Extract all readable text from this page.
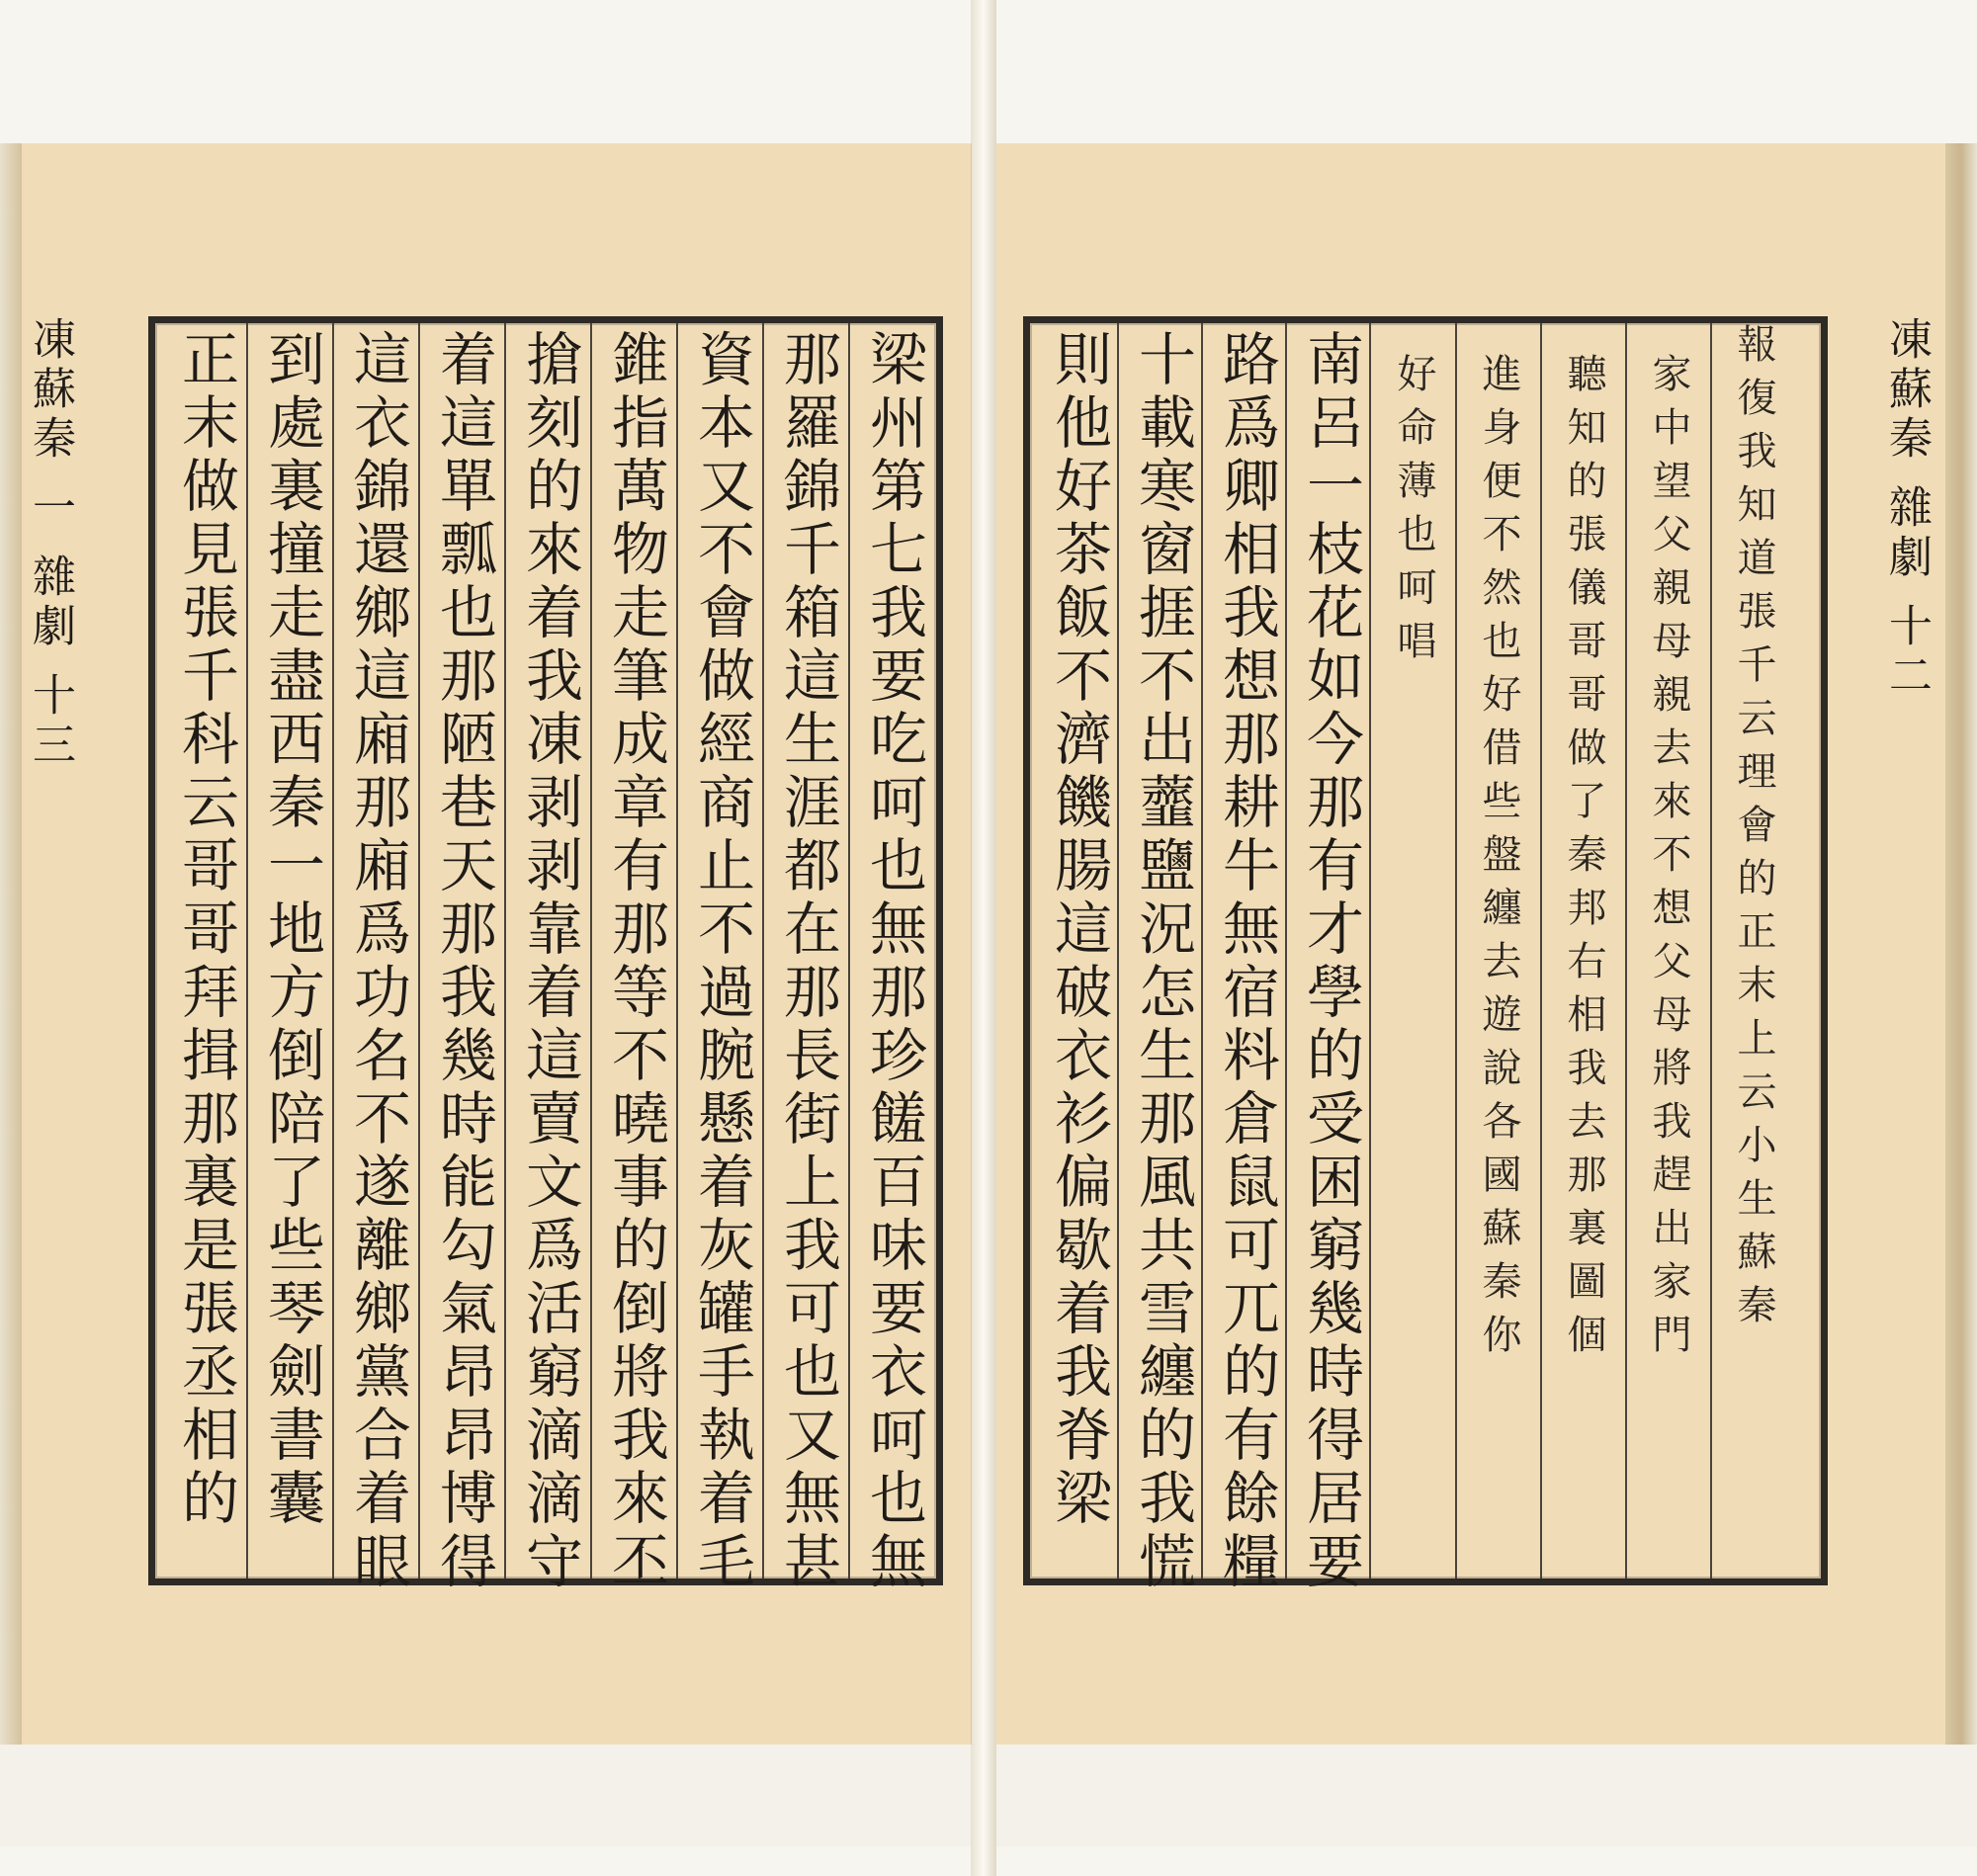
正末做見張千科云哥哥拜揖那裏是張丞相的 到處裏撞走盡西秦一地方倒陪了些琴劍書囊 這衣錦還鄉這廂那廂爲功名不遂離鄉黨合着眼 着這單瓢也那陋巷天那我幾時能勾氣昂昂博得 搶刻的來着我凍剥剥靠着這賣文爲活窮滴滴守 錐指萬物走筆成章有那等不曉事的倒將我來丕 資本又不會做經商止不過腕懸着灰罐手執着毛 那羅錦千箱這生涯都在那長街上我可也又無甚 梁州第七我要吃呵也無那珍饈百味要衣呵也無
凍蘇秦 一 雜劇 十三	則他好茶飯不濟饑腸這破衣衫偏歇着我脊梁 十載寒窗捱不出虀鹽況怎生那風共雪纏的我慌 路爲卿相我想那耕牛無宿料倉鼠可兀的有餘糧 南呂一枝花如今那有才學的受困窮幾時得居要 好命薄也呵唱	進身便不然也好借些盤纏去遊說各國蘇秦你	聽知的張儀哥哥做了秦邦右相我去那裏圖個	家中望父親母親去來不想父母將我趕出家門	報復我知道張千云理會的正末上云小生蘇秦	凍蘇秦 雜劇 十二
